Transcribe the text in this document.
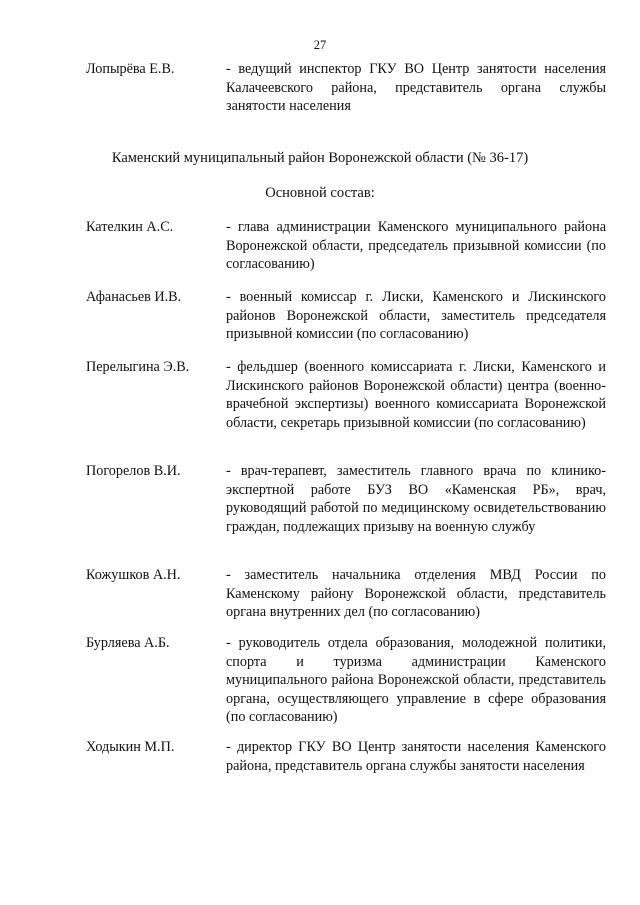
27
Лопырёва Е.В.	- ведущий инспектор ГКУ ВО Центр занятости населения Калачеевского района, представитель органа службы занятости населения
Каменский муниципальный район Воронежской области (№ 36-17)
Основной состав:
Кателкин А.С.	- глава администрации Каменского муниципального района Воронежской области, председатель призывной комиссии (по согласованию)
Афанасьев И.В.	- военный комиссар г. Лиски, Каменского и Лискинского районов Воронежской области, заместитель председателя призывной комиссии (по согласованию)
Перелыгина Э.В.	- фельдшер (военного комиссариата г. Лиски, Каменского и Лискинского районов Воронежской области) центра (военно-врачебной экспертизы) военного комиссариата Воронежской области, секретарь призывной комиссии (по согласованию)
Погорелов В.И.	- врач-терапевт, заместитель главного врача по клинико-экспертной работе БУЗ ВО «Каменская РБ», врач, руководящий работой по медицинскому освидетельствованию граждан, подлежащих призыву на военную службу
Кожушков А.Н.	- заместитель начальника отделения МВД России по Каменскому району Воронежской области, представитель органа внутренних дел (по согласованию)
Бурляева А.Б.	- руководитель отдела образования, молодежной политики, спорта и туризма администрации Каменского муниципального района Воронежской области, представитель органа, осуществляющего управление в сфере образования (по согласованию)
Ходыкин М.П.	- директор ГКУ ВО Центр занятости населения Каменского района, представитель органа службы занятости населения
